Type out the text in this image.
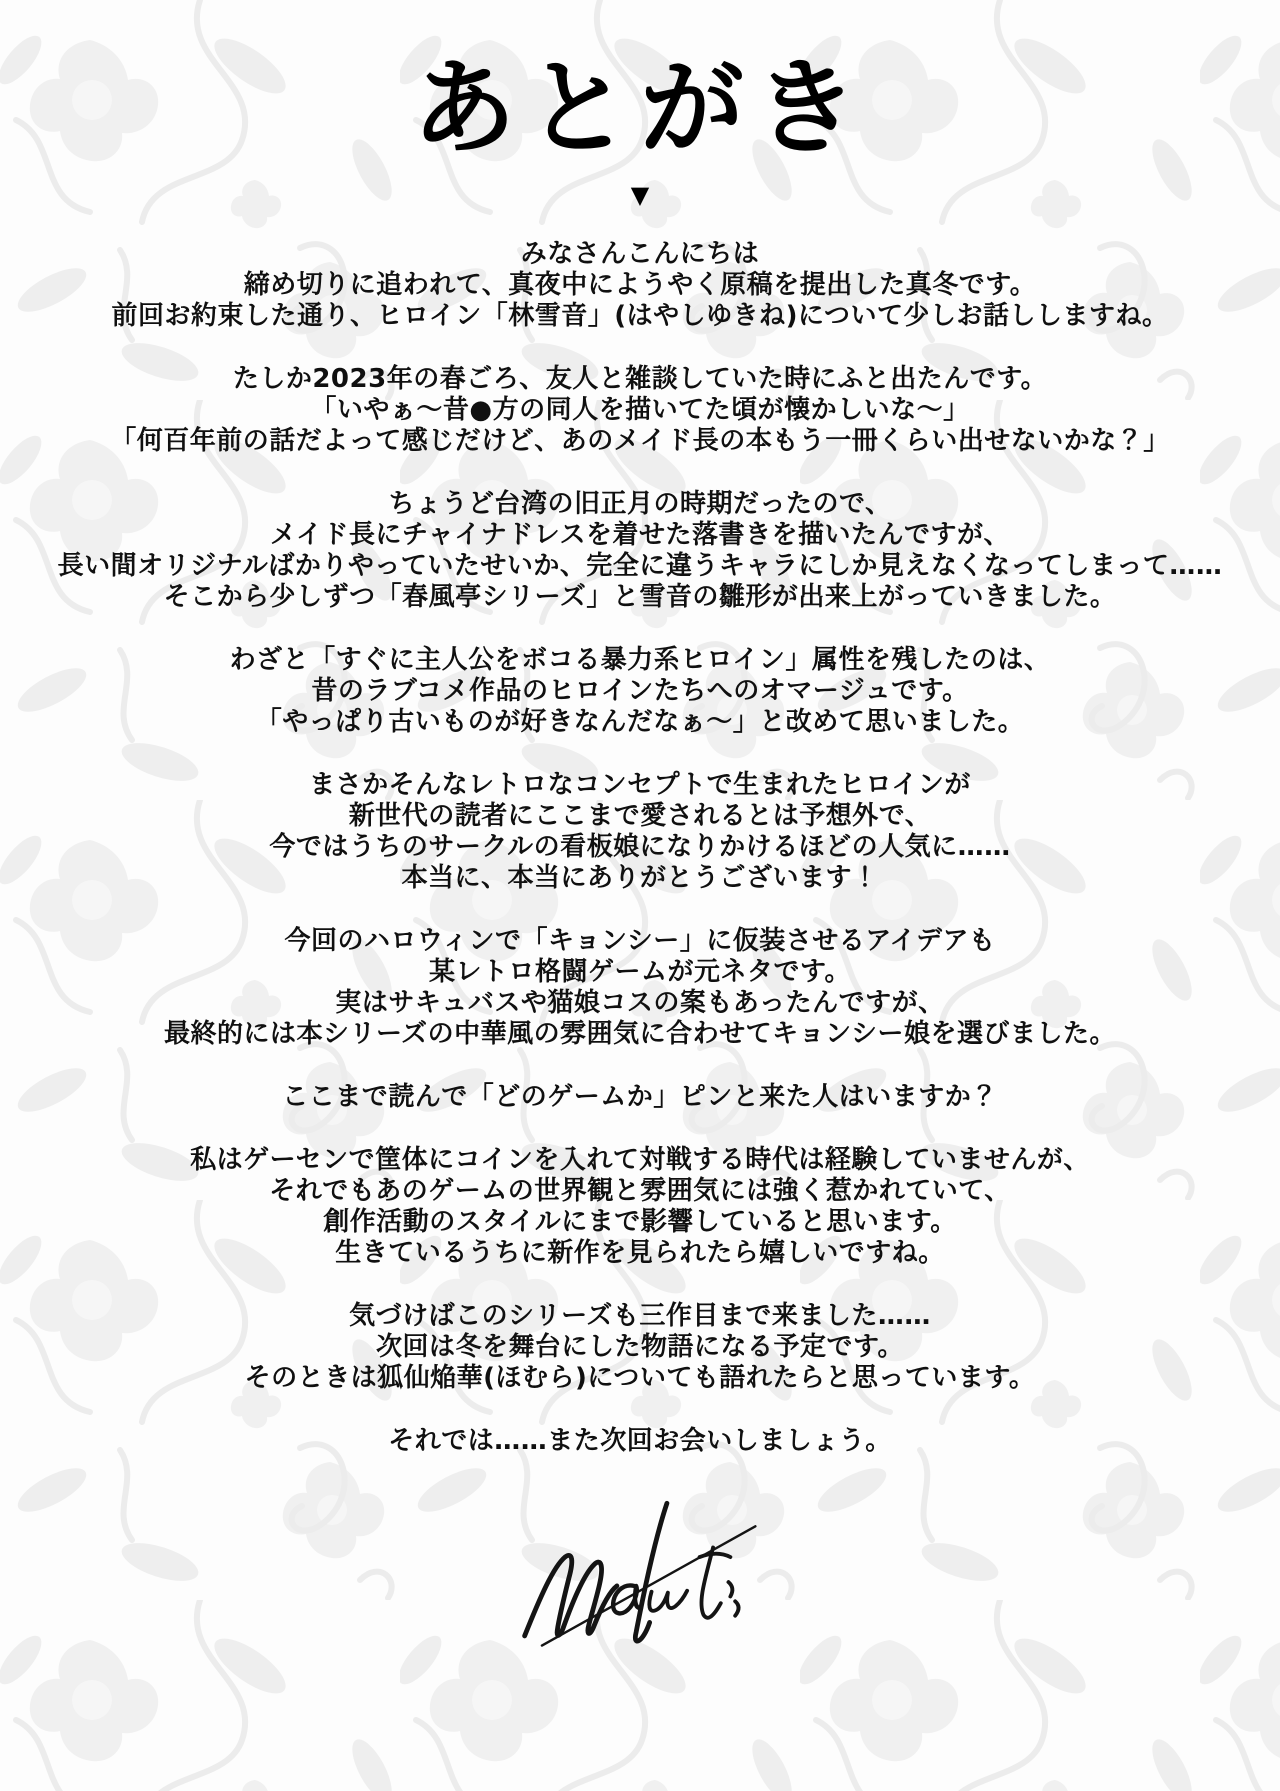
あとがき
▼
みなさんこんにちは
締め切りに追われて、真夜中にようやく原稿を提出した真冬です。
前回お約束した通り、ヒロイン「林雪音」(はやしゆきね)について少しお話ししますね。
たしか2023年の春ごろ、友人と雑談していた時にふと出たんです。
「いやぁ～昔●方の同人を描いてた頃が懐かしいな～」
「何百年前の話だよって感じだけど、あのメイド長の本もう一冊くらい出せないかな？」
ちょうど台湾の旧正月の時期だったので、
メイド長にチャイナドレスを着せた落書きを描いたんですが、
長い間オリジナルばかりやっていたせいか、完全に違うキャラにしか見えなくなってしまって……
そこから少しずつ「春風亭シリーズ」と雪音の雛形が出来上がっていきました。
わざと「すぐに主人公をボコる暴力系ヒロイン」属性を残したのは、
昔のラブコメ作品のヒロインたちへのオマージュです。
「やっぱり古いものが好きなんだなぁ～」と改めて思いました。
まさかそんなレトロなコンセプトで生まれたヒロインが
新世代の読者にここまで愛されるとは予想外で、
今ではうちのサークルの看板娘になりかけるほどの人気に……
本当に、本当にありがとうございます！
今回のハロウィンで「キョンシー」に仮装させるアイデアも
某レトロ格闘ゲームが元ネタです。
実はサキュバスや猫娘コスの案もあったんですが、
最終的には本シリーズの中華風の雰囲気に合わせてキョンシー娘を選びました。
ここまで読んで「どのゲームか」ピンと来た人はいますか？
私はゲーセンで筐体にコインを入れて対戦する時代は経験していませんが、
それでもあのゲームの世界観と雰囲気には強く惹かれていて、
創作活動のスタイルにまで影響していると思います。
生きているうちに新作を見られたら嬉しいですね。
気づけばこのシリーズも三作目まで来ました……
次回は冬を舞台にした物語になる予定です。
そのときは狐仙焔華(ほむら)についても語れたらと思っています。
それでは……また次回お会いしましょう。
